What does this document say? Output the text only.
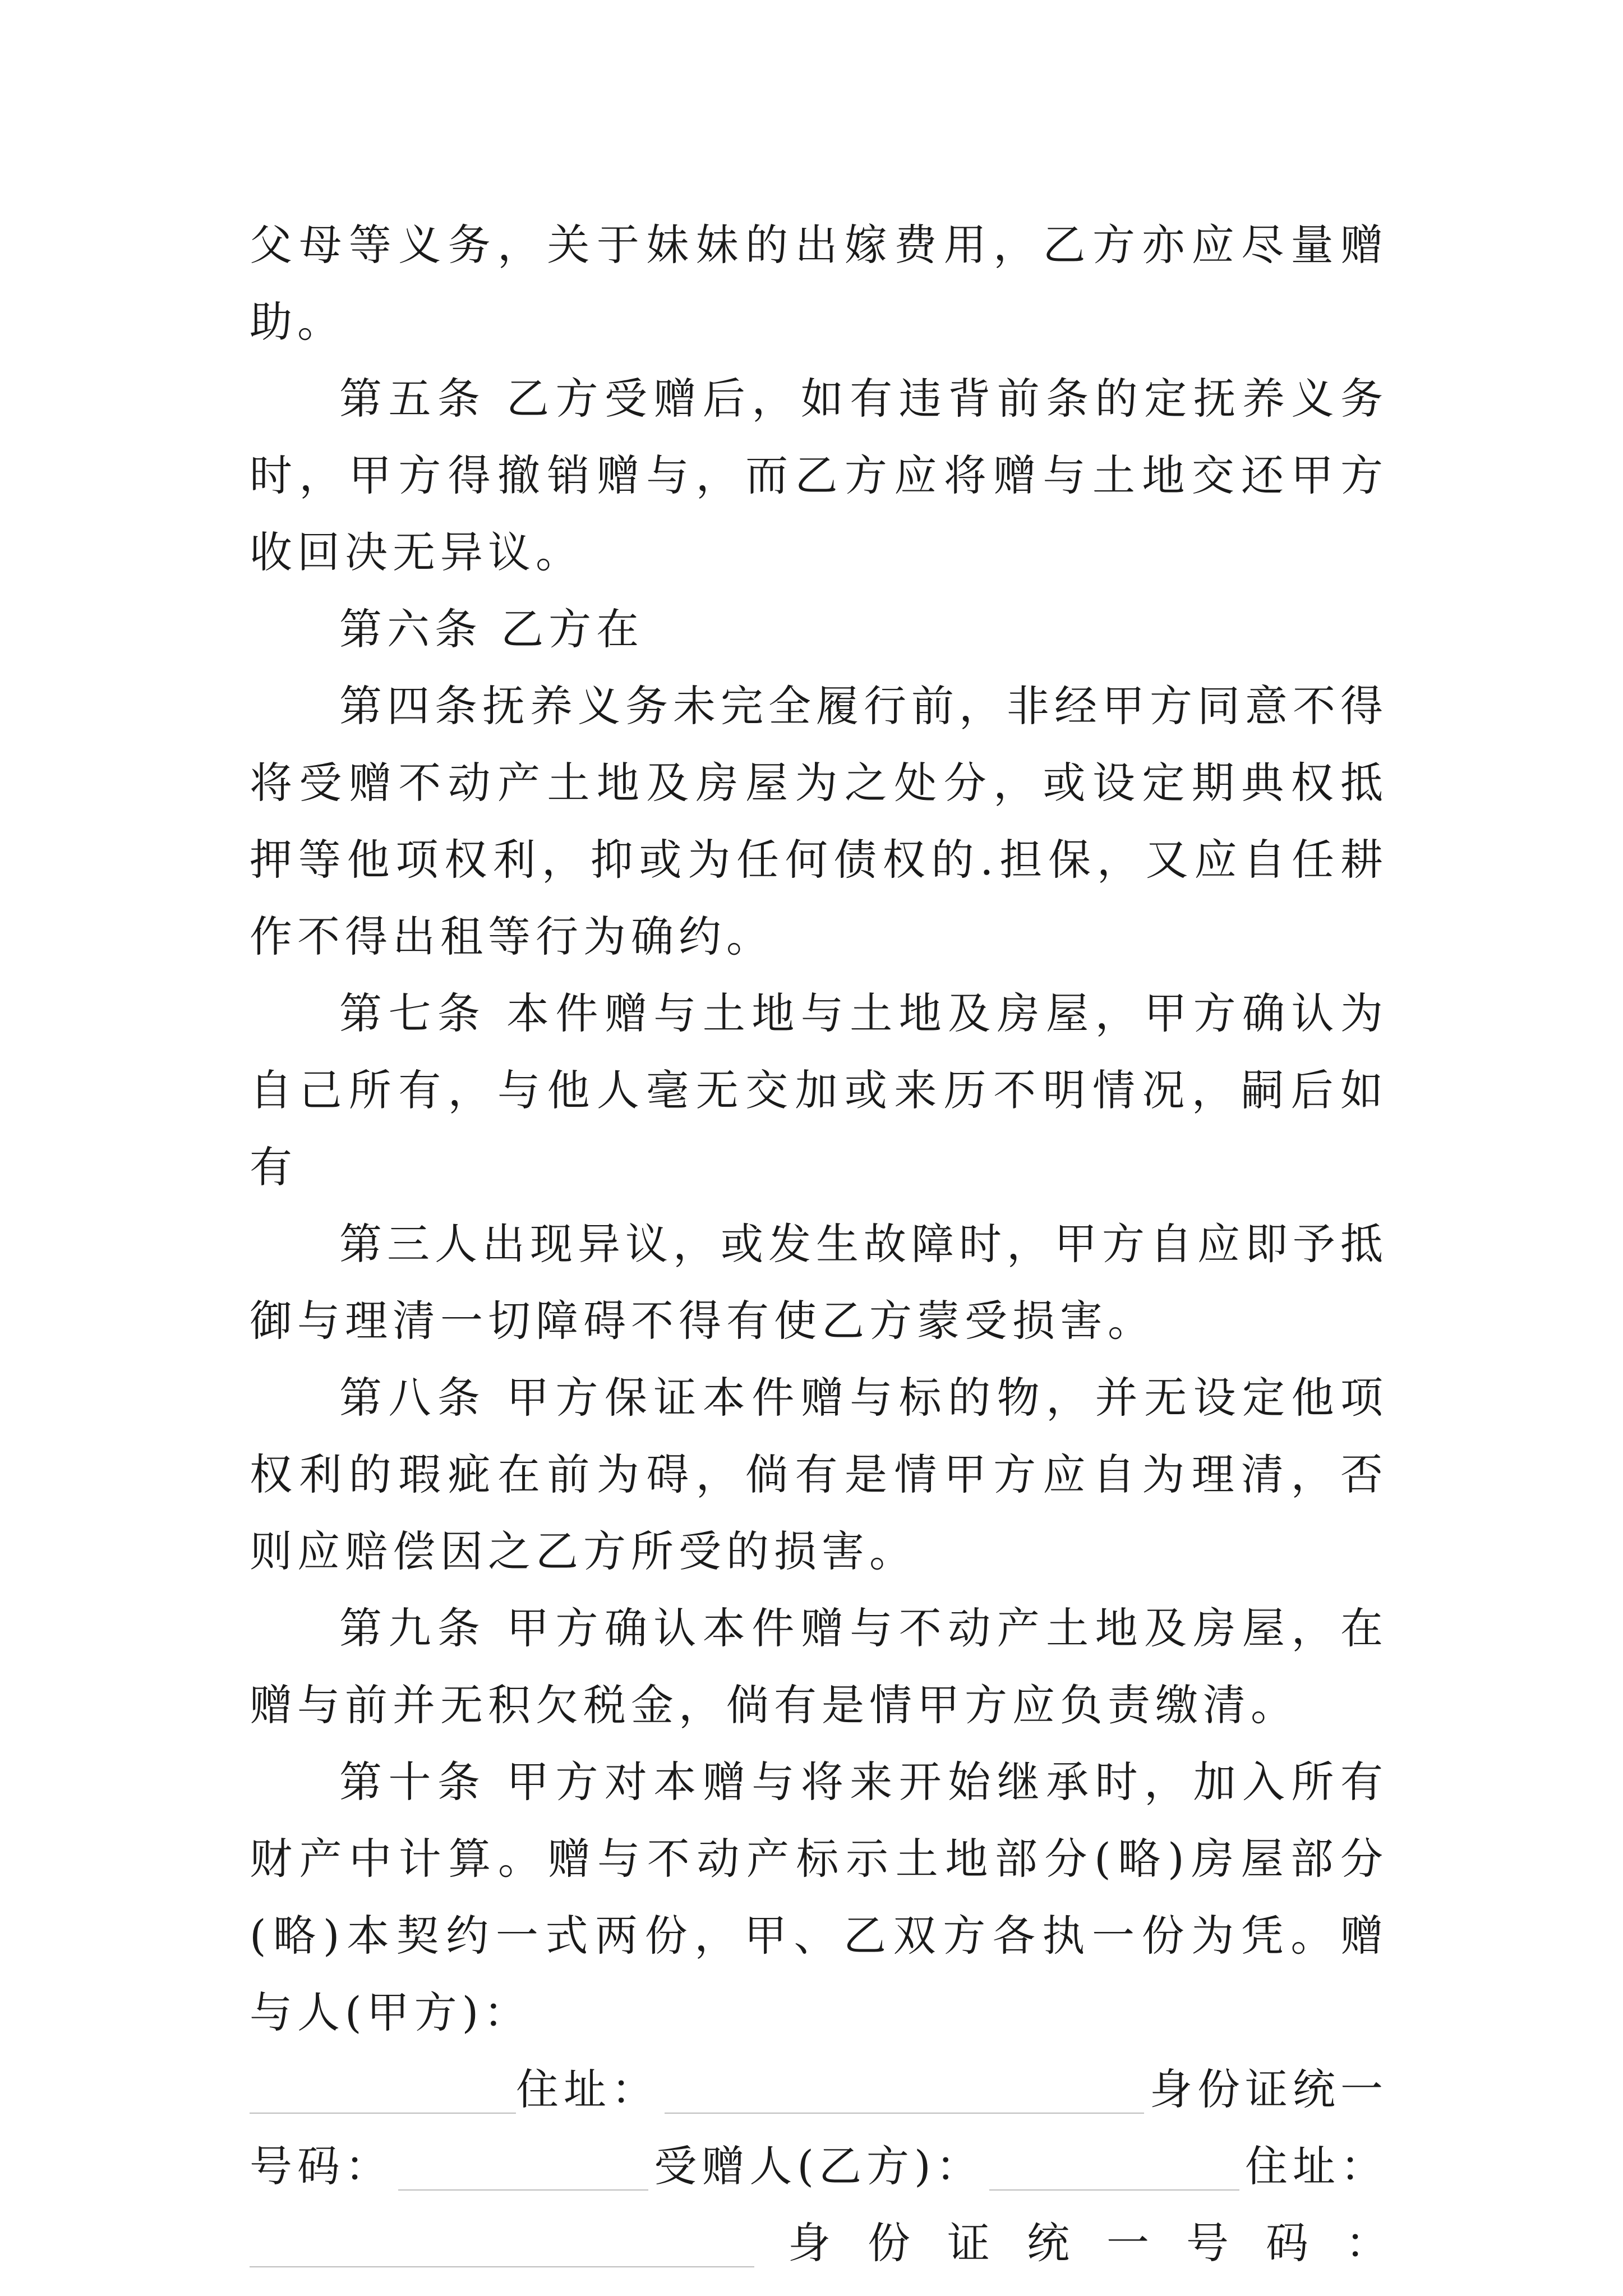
父母等义务，关于妹妹的出嫁费用，乙方亦应尽量赠助。

第五条 乙方受赠后，如有违背前条的定抚养义务时，甲方得撤销赠与，而乙方应将赠与土地交还甲方收回决无异议。

第六条 乙方在

第四条抚养义务未完全履行前，非经甲方同意不得将受赠不动产土地及房屋为之处分，或设定期典权抵押等他项权利，抑或为任何债权的.担保，又应自任耕作不得出租等行为确约。

第七条 本件赠与土地与土地及房屋，甲方确认为自己所有，与他人毫无交加或来历不明情况，嗣后如有

第三人出现异议，或发生故障时，甲方自应即予抵御与理清一切障碍不得有使乙方蒙受损害。

第八条 甲方保证本件赠与标的物，并无设定他项权利的瑕疵在前为碍，倘有是情甲方应自为理清，否则应赔偿因之乙方所受的损害。

第九条 甲方确认本件赠与不动产土地及房屋，在赠与前并无积欠税金，倘有是情甲方应负责缴清。

第十条 甲方对本赠与将来开始继承时，加入所有财产中计算。赠与不动产标示土地部分(略)房屋部分(略)本契约一式两份，甲、乙双方各执一份为凭。赠与人(甲方)：

住址：	身份证统一
号码：	受赠人(乙方)：	住址：
身 份 证 统 一 号 码 ：
